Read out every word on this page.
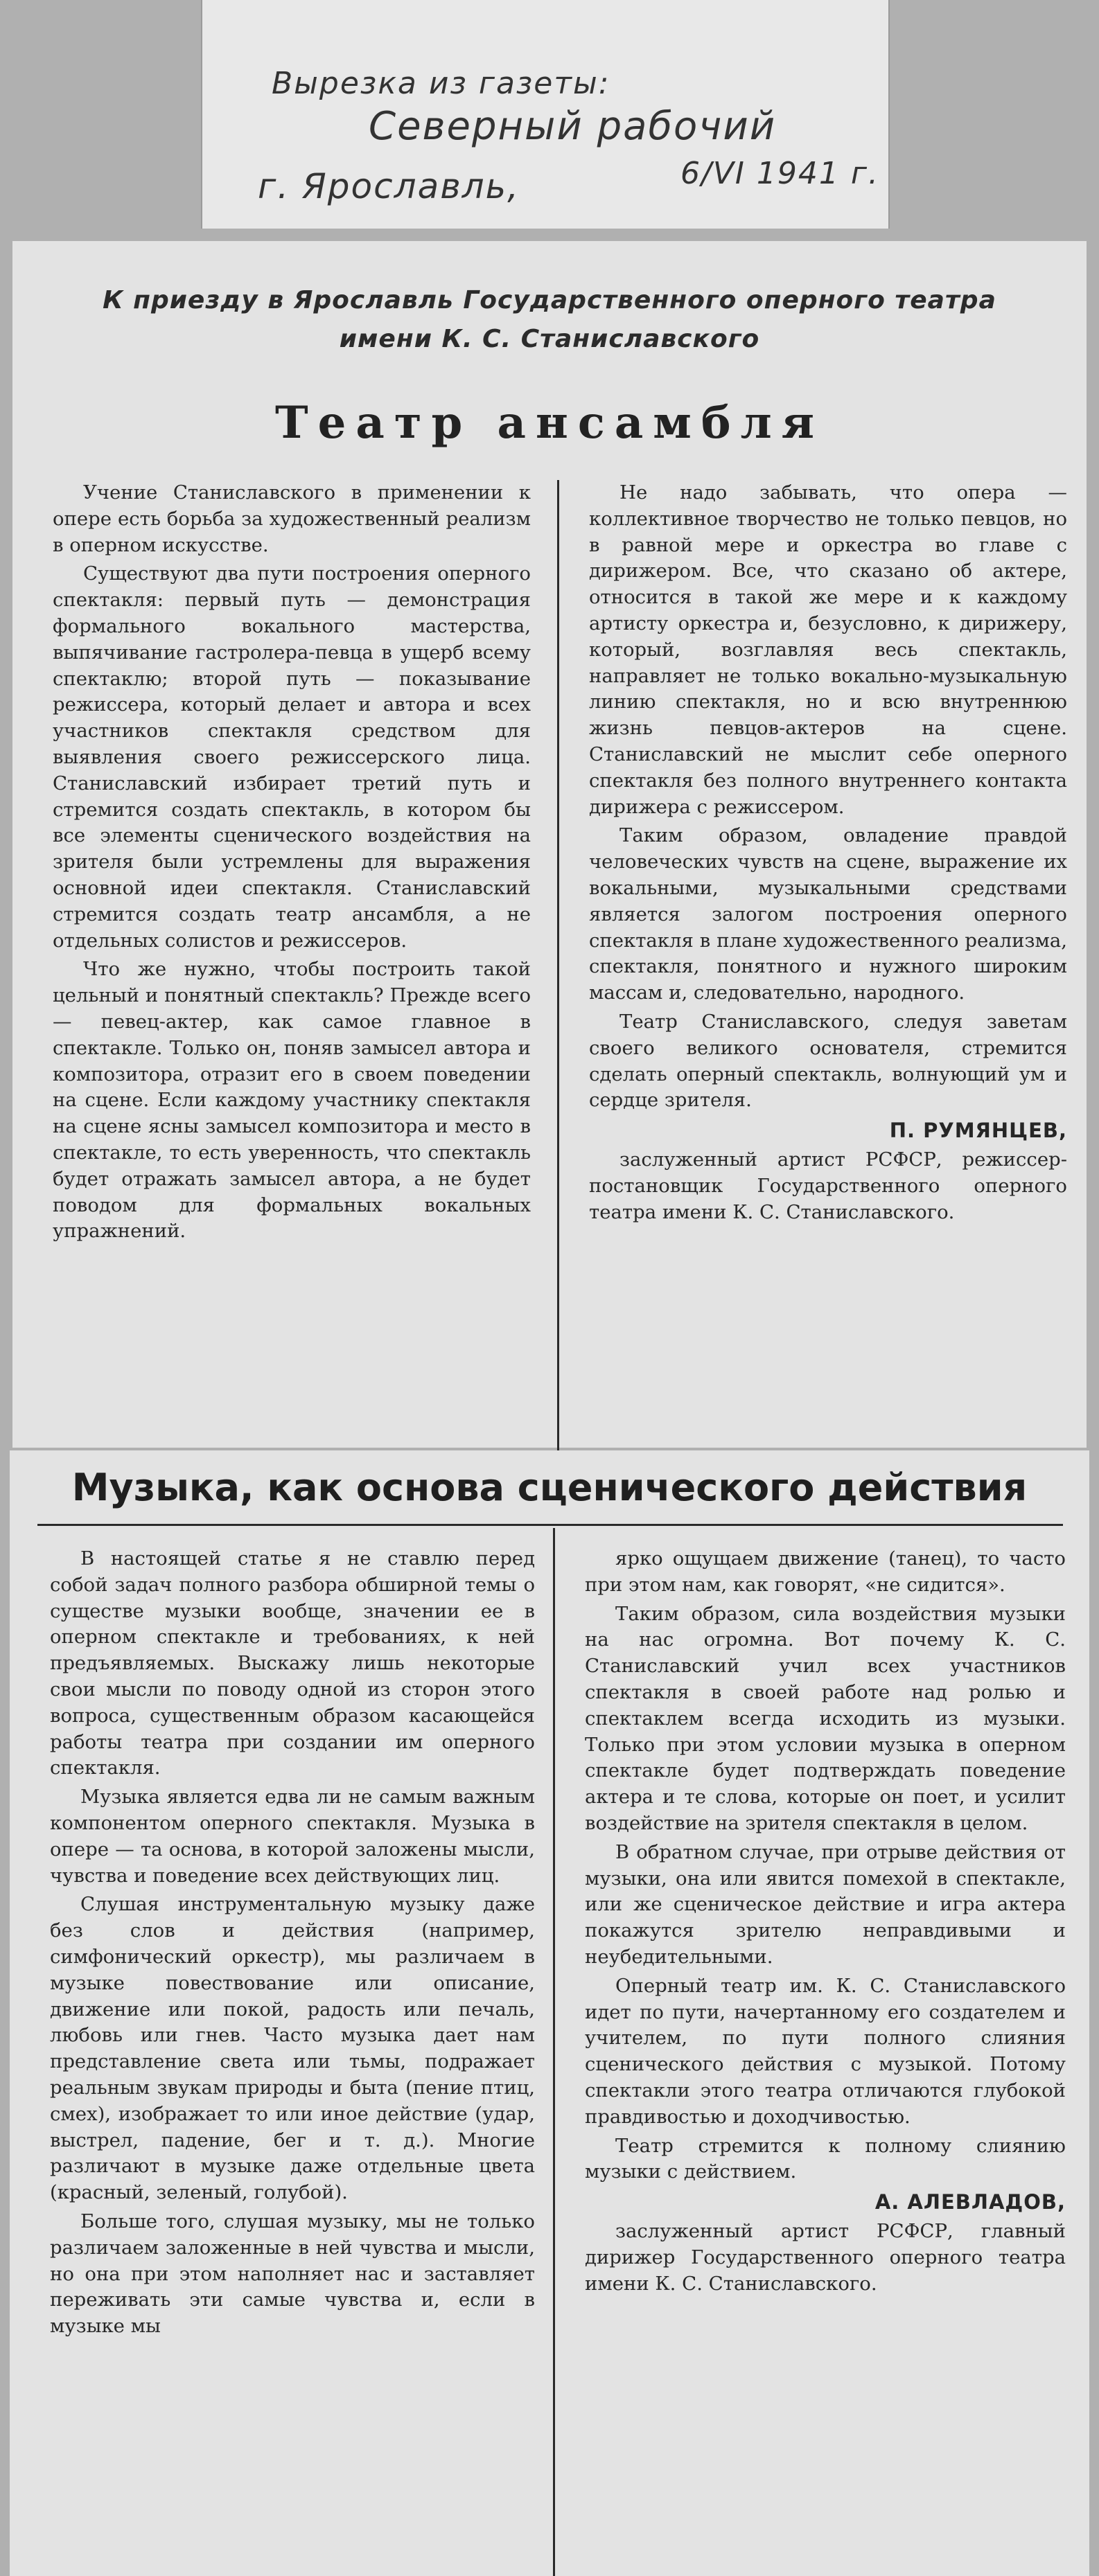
Вырезка из газеты:
Северный рабочий
г. Ярославль,	6/VI 1941 г.
К приезду в Ярославль Государственного оперного театра
имени К. С. Станиславского
Театр ансамбля

Учение Станиславского в применении к опере есть борьба за художественный реализм в оперном искусстве.

Существуют два пути построения оперного спектакля: первый путь — демонстрация формального вокального мастерства, выпячивание гастролера-певца в ущерб всему спектаклю; второй путь — показывание режиссера, который делает и автора и всех участников спектакля средством для выявления своего режиссерского лица. Станиславский избирает третий путь и стремится создать спектакль, в котором бы все элементы сценического воздействия на зрителя были устремлены для выражения основной идеи спектакля. Станиславский стремится создать театр ансамбля, а не отдельных солистов и режиссеров.

Что же нужно, чтобы построить такой цельный и понятный спектакль? Прежде всего — певец-актер, как самое главное в спектакле. Только он, поняв замысел автора и композитора, отразит его в своем поведении на сцене. Если каждому участнику спектакля на сцене ясны замысел композитора и место в спектакле, то есть уверенность, что спектакль будет отражать замысел автора, а не будет поводом для формальных вокальных упражнений.

Не надо забывать, что опера — коллективное творчество не только певцов, но в равной мере и оркестра во главе с дирижером. Все, что сказано об актере, относится в такой же мере и к каждому артисту оркестра и, безусловно, к дирижеру, который, возглавляя весь спектакль, направляет не только вокально-музыкальную линию спектакля, но и всю внутреннюю жизнь певцов-актеров на сцене. Станиславский не мыслит себе оперного спектакля без полного внутреннего контакта дирижера с режиссером.

Таким образом, овладение правдой человеческих чувств на сцене, выражение их вокальными, музыкальными средствами является залогом построения оперного спектакля в плане художественного реализма, спектакля, понятного и нужного широким массам и, следовательно, народного.

Театр Станиславского, следуя заветам своего великого основателя, стремится сделать оперный спектакль, волнующий ум и сердце зрителя.

П. РУМЯНЦЕВ,

заслуженный артист РСФСР, режиссер-постановщик Государственного оперного театра имени К. С. Станиславского.

Музыка, как основа сценического действия

В настоящей статье я не ставлю перед собой задач полного разбора обширной темы о существе музыки вообще, значении ее в оперном спектакле и требованиях, к ней предъявляемых. Выскажу лишь некоторые свои мысли по поводу одной из сторон этого вопроса, существенным образом касающейся работы театра при создании им оперного спектакля.

Музыка является едва ли не самым важным компонентом оперного спектакля. Музыка в опере — та основа, в которой заложены мысли, чувства и поведение всех действующих лиц.

Слушая инструментальную музыку даже без слов и действия (например, симфонический оркестр), мы различаем в музыке повествование или описание, движение или покой, радость или печаль, любовь или гнев. Часто музыка дает нам представление света или тьмы, подражает реальным звукам природы и быта (пение птиц, смех), изображает то или иное действие (удар, выстрел, падение, бег и т. д.). Многие различают в музыке даже отдельные цвета (красный, зеленый, голубой).

Больше того, слушая музыку, мы не только различаем заложенные в ней чувства и мысли, но она при этом наполняет нас и заставляет переживать эти самые чувства и, если в музыке мы

ярко ощущаем движение (танец), то часто при этом нам, как говорят, «не сидится».

Таким образом, сила воздействия музыки на нас огромна. Вот почему К. С. Станиславский учил всех участников спектакля в своей работе над ролью и спектаклем всегда исходить из музыки. Только при этом условии музыка в оперном спектакле будет подтверждать поведение актера и те слова, которые он поет, и усилит воздействие на зрителя спектакля в целом.

В обратном случае, при отрыве действия от музыки, она или явится помехой в спектакле, или же сценическое действие и игра актера покажутся зрителю неправдивыми и неубедительными.

Оперный театр им. К. С. Станиславского идет по пути, начертанному его создателем и учителем, по пути полного слияния сценического действия с музыкой. Потому спектакли этого театра отличаются глубокой правдивостью и доходчивостью.

Театр стремится к полному слиянию музыки с действием.

А. АЛЕВЛАДОВ,

заслуженный артист РСФСР, главный дирижер Государственного оперного театра имени К. С. Станиславского.
